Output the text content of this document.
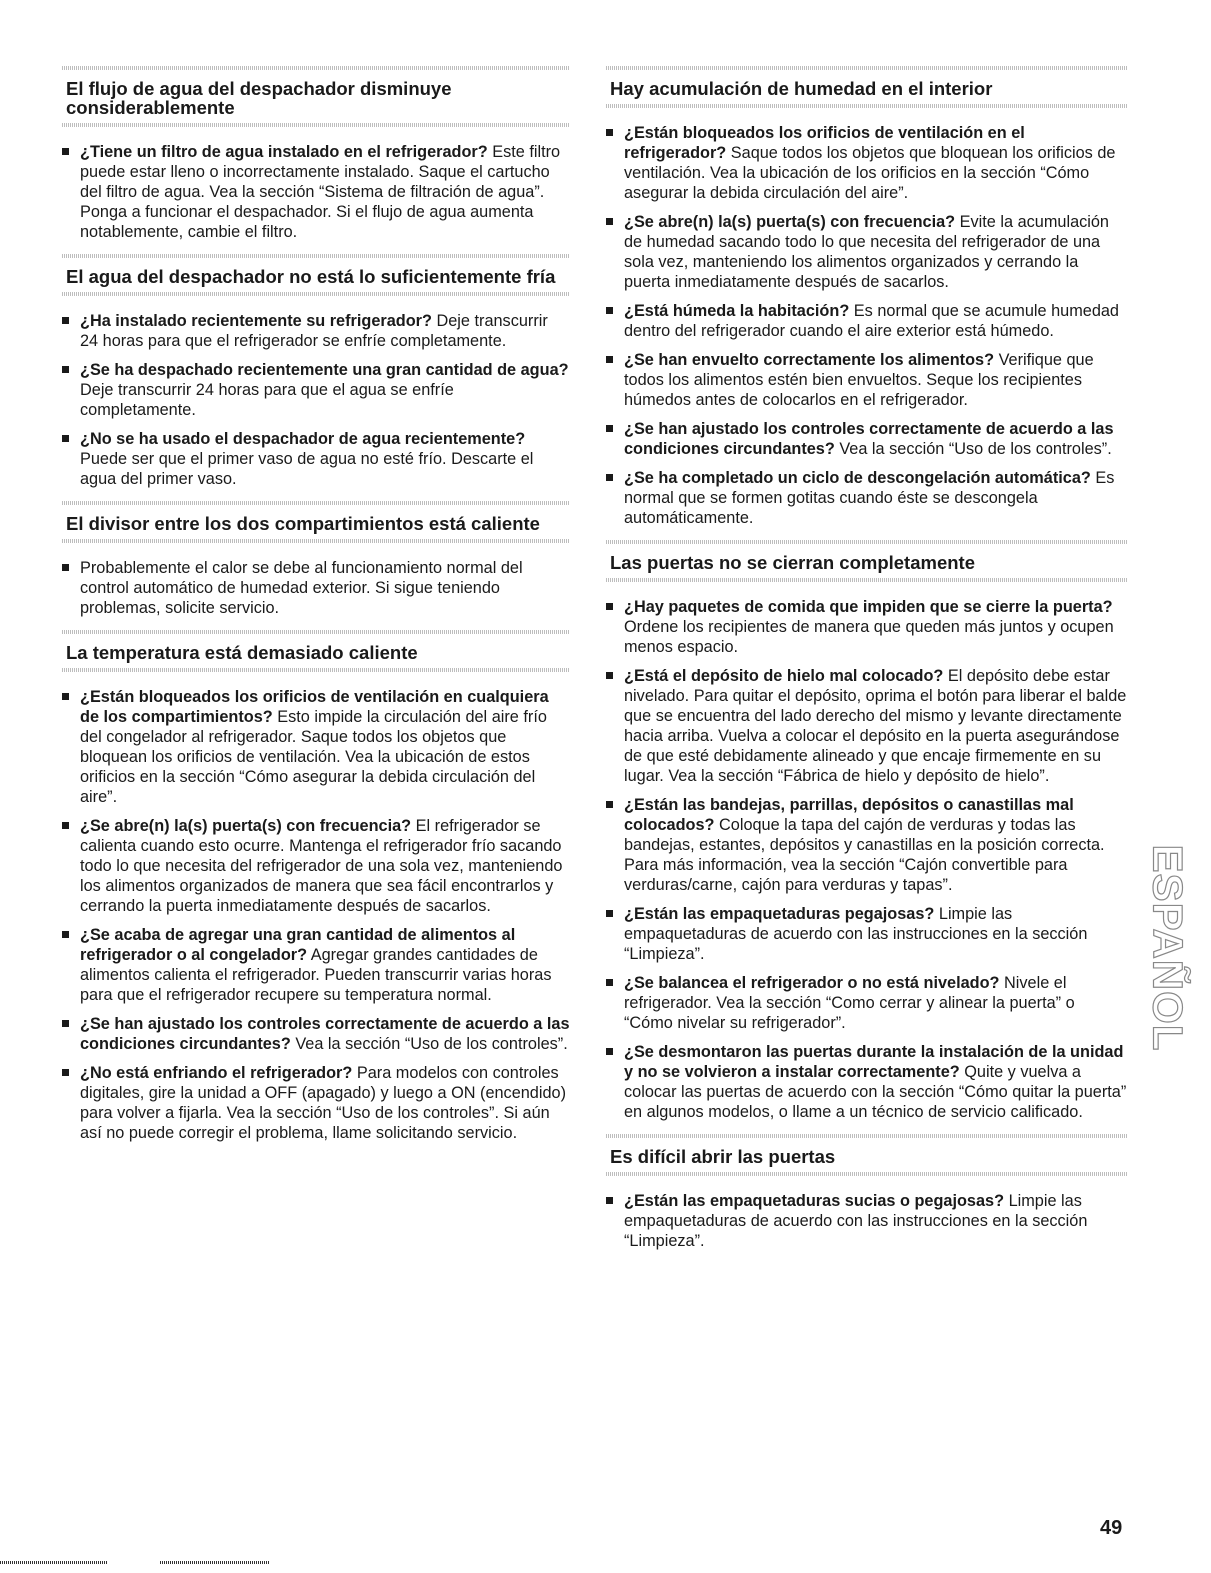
El flujo de agua del despachador disminuye considerablemente
¿Tiene un filtro de agua instalado en el refrigerador? Este filtro puede estar lleno o incorrectamente instalado. Saque el cartucho del filtro de agua. Vea la sección “Sistema de filtración de agua”. Ponga a funcionar el despachador. Si el flujo de agua aumenta notablemente, cambie el filtro.
El agua del despachador no está lo suficientemente fría
¿Ha instalado recientemente su refrigerador? Deje transcurrir 24 horas para que el refrigerador se enfríe completamente.
¿Se ha despachado recientemente una gran cantidad de agua? Deje transcurrir 24 horas para que el agua se enfríe completamente.
¿No se ha usado el despachador de agua recientemente? Puede ser que el primer vaso de agua no esté frío. Descarte el agua del primer vaso.
El divisor entre los dos compartimientos está caliente
Probablemente el calor se debe al funcionamiento normal del control automático de humedad exterior. Si sigue teniendo problemas, solicite servicio.
La temperatura está demasiado caliente
¿Están bloqueados los orificios de ventilación en cualquiera de los compartimientos? Esto impide la circulación del aire frío del congelador al refrigerador. Saque todos los objetos que bloquean los orificios de ventilación. Vea la ubicación de estos orificios en la sección “Cómo asegurar la debida circulación del aire”.
¿Se abre(n) la(s) puerta(s) con frecuencia? El refrigerador se calienta cuando esto ocurre. Mantenga el refrigerador frío sacando todo lo que necesita del refrigerador de una sola vez, manteniendo los alimentos organizados de manera que sea fácil encontrarlos y cerrando la puerta inmediatamente después de sacarlos.
¿Se acaba de agregar una gran cantidad de alimentos al refrigerador o al congelador? Agregar grandes cantidades de alimentos calienta el refrigerador. Pueden transcurrir varias horas para que el refrigerador recupere su temperatura normal.
¿Se han ajustado los controles correctamente de acuerdo a las condiciones circundantes? Vea la sección “Uso de los controles”.
¿No está enfriando el refrigerador? Para modelos con controles digitales, gire la unidad a OFF (apagado) y luego a ON (encendido) para volver a fijarla. Vea la sección “Uso de los controles”. Si aún así no puede corregir el problema, llame solicitando servicio.
Hay acumulación de humedad en el interior
¿Están bloqueados los orificios de ventilación en el refrigerador? Saque todos los objetos que bloquean los orificios de ventilación. Vea la ubicación de los orificios en la sección “Cómo asegurar la debida circulación del aire”.
¿Se abre(n) la(s) puerta(s) con frecuencia? Evite la acumulación de humedad sacando todo lo que necesita del refrigerador de una sola vez, manteniendo los alimentos organizados y cerrando la puerta inmediatamente después de sacarlos.
¿Está húmeda la habitación? Es normal que se acumule humedad dentro del refrigerador cuando el aire exterior está húmedo.
¿Se han envuelto correctamente los alimentos? Verifique que todos los alimentos estén bien envueltos. Seque los recipientes húmedos antes de colocarlos en el refrigerador.
¿Se han ajustado los controles correctamente de acuerdo a las condiciones circundantes? Vea la sección “Uso de los controles”.
¿Se ha completado un ciclo de descongelación automática? Es normal que se formen gotitas cuando éste se descongela automáticamente.
Las puertas no se cierran completamente
¿Hay paquetes de comida que impiden que se cierre la puerta? Ordene los recipientes de manera que queden más juntos y ocupen menos espacio.
¿Está el depósito de hielo mal colocado? El depósito debe estar nivelado. Para quitar el depósito, oprima el botón para liberar el balde que se encuentra del lado derecho del mismo y levante directamente hacia arriba. Vuelva a colocar el depósito en la puerta asegurándose de que esté debidamente alineado y que encaje firmemente en su lugar. Vea la sección “Fábrica de hielo y depósito de hielo”.
¿Están las bandejas, parrillas, depósitos o canastillas mal colocados? Coloque la tapa del cajón de verduras y todas las bandejas, estantes, depósitos y canastillas en la posición correcta. Para más información, vea la sección “Cajón convertible para verduras/carne, cajón para verduras y tapas”.
¿Están las empaquetaduras pegajosas? Limpie las empaquetaduras de acuerdo con las instrucciones en la sección “Limpieza”.
¿Se balancea el refrigerador o no está nivelado? Nivele el refrigerador. Vea la sección “Como cerrar y alinear la puerta” o “Cómo nivelar su refrigerador”.
¿Se desmontaron las puertas durante la instalación de la unidad y no se volvieron a instalar correctamente? Quite y vuelva a colocar las puertas de acuerdo con la sección “Cómo quitar la puerta” en algunos modelos, o llame a un técnico de servicio calificado.
Es difícil abrir las puertas
¿Están las empaquetaduras sucias o pegajosas? Limpie las empaquetaduras de acuerdo con las instrucciones en la sección “Limpieza”.
ESPAÑOL
49
